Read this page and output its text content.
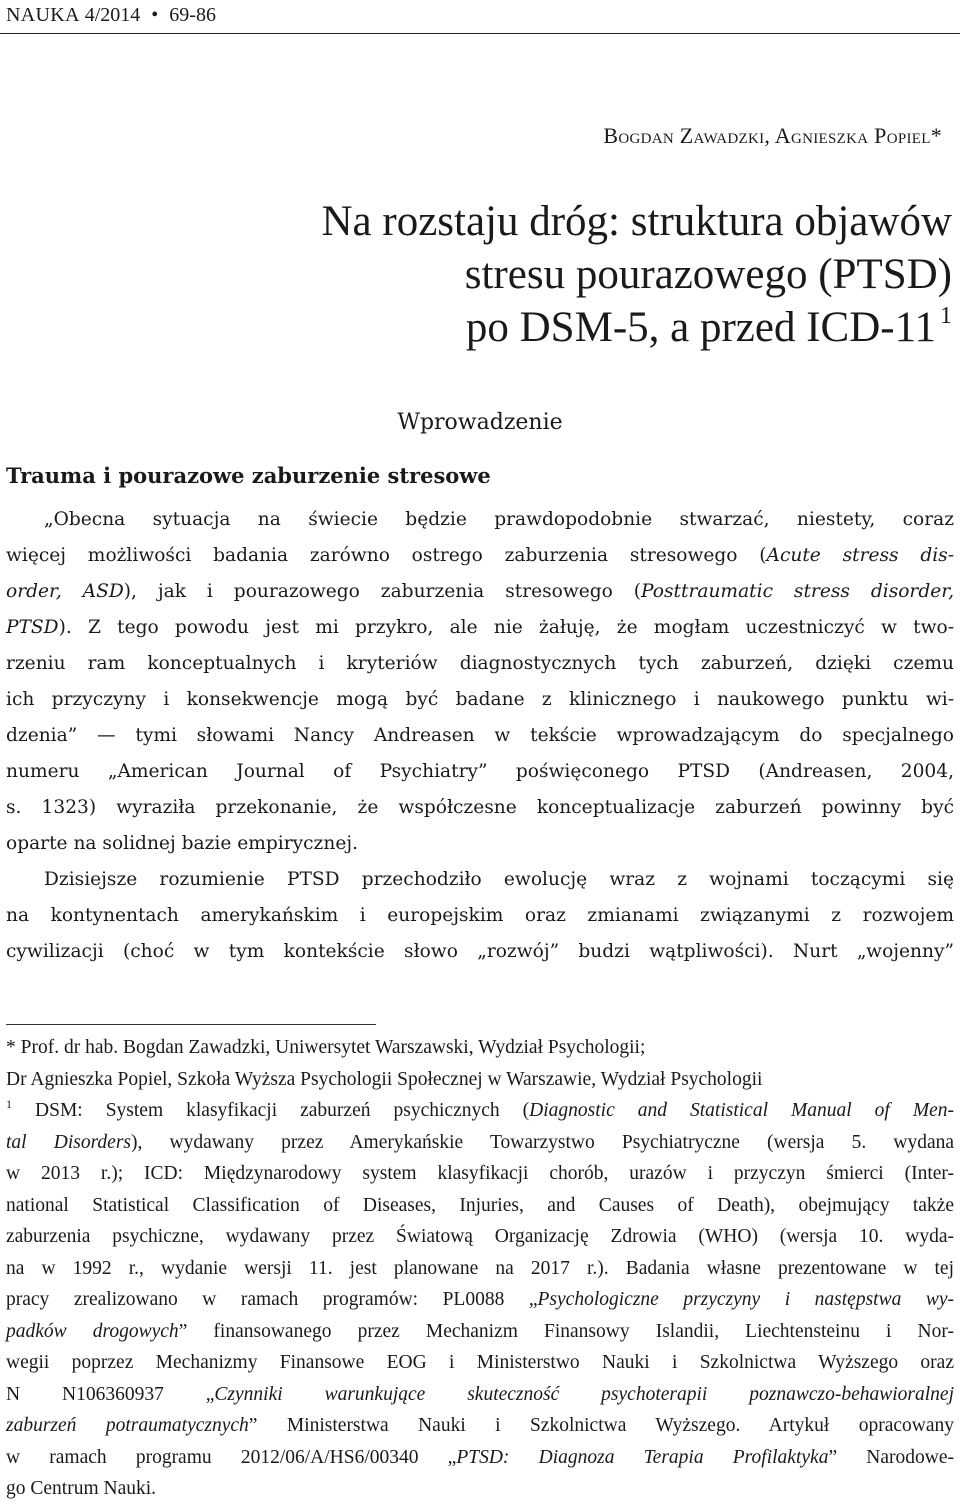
NAUKA 4/2014 • 69-86
Bogdan Zawadzki, Agnieszka Popiel*
Na rozstaju dróg: struktura objawów
stresu pourazowego (PTSD)
po DSM-5, a przed ICD-11 $^1$
Wprowadzenie
Trauma i pourazowe zaburzenie stresowe
„Obecna sytuacja na świecie będzie prawdopodobnie stwarzać, niestety, coraz
więcej możliwości badania zarówno ostrego zaburzenia stresowego (Acute stress dis-
order, ASD), jak i pourazowego zaburzenia stresowego (Posttraumatic stress disorder,
PTSD). Z tego powodu jest mi przykro, ale nie żałuję, że mogłam uczestniczyć w two-
rzeniu ram konceptualnych i kryteriów diagnostycznych tych zaburzeń, dzięki czemu
ich przyczyny i konsekwencje mogą być badane z klinicznego i naukowego punktu wi-
dzenia” — tymi słowami Nancy Andreasen w tekście wprowadzającym do specjalnego
numeru „American Journal of Psychiatry” poświęconego PTSD (Andreasen, 2004,
s. 1323) wyraziła przekonanie, że współczesne konceptualizacje zaburzeń powinny być
oparte na solidnej bazie empirycznej.
Dzisiejsze rozumienie PTSD przechodziło ewolucję wraz z wojnami toczącymi się
na kontynentach amerykańskim i europejskim oraz zmianami związanymi z rozwojem
cywilizacji (choć w tym kontekście słowo „rozwój” budzi wątpliwości). Nurt „wojenny”
* Prof. dr hab. Bogdan Zawadzki, Uniwersytet Warszawski, Wydział Psychologii;
Dr Agnieszka Popiel, Szkoła Wyższa Psychologii Społecznej w Warszawie, Wydział Psychologii
$^1$ DSM: System klasyfikacji zaburzeń psychicznych (Diagnostic and Statistical Manual of Men-
tal Disorders), wydawany przez Amerykańskie Towarzystwo Psychiatryczne (wersja 5. wydana
w 2013 r.); ICD: Międzynarodowy system klasyfikacji chorób, urazów i przyczyn śmierci (Inter-
national Statistical Classification of Diseases, Injuries, and Causes of Death), obejmujący także
zaburzenia psychiczne, wydawany przez Światową Organizację Zdrowia (WHO) (wersja 10. wyda-
na w 1992 r., wydanie wersji 11. jest planowane na 2017 r.). Badania własne prezentowane w tej
pracy zrealizowano w ramach programów: PL0088 „Psychologiczne przyczyny i następstwa wy-
padków drogowych” finansowanego przez Mechanizm Finansowy Islandii, Liechtensteinu i Nor-
wegii poprzez Mechanizmy Finansowe EOG i Ministerstwo Nauki i Szkolnictwa Wyższego oraz
N N106360937 „Czynniki warunkujące skuteczność psychoterapii poznawczo-behawioralnej
zaburzeń potraumatycznych” Ministerstwa Nauki i Szkolnictwa Wyższego. Artykuł opracowany
w ramach programu 2012/06/A/HS6/00340 „PTSD: Diagnoza Terapia Profilaktyka” Narodowe-
go Centrum Nauki.
